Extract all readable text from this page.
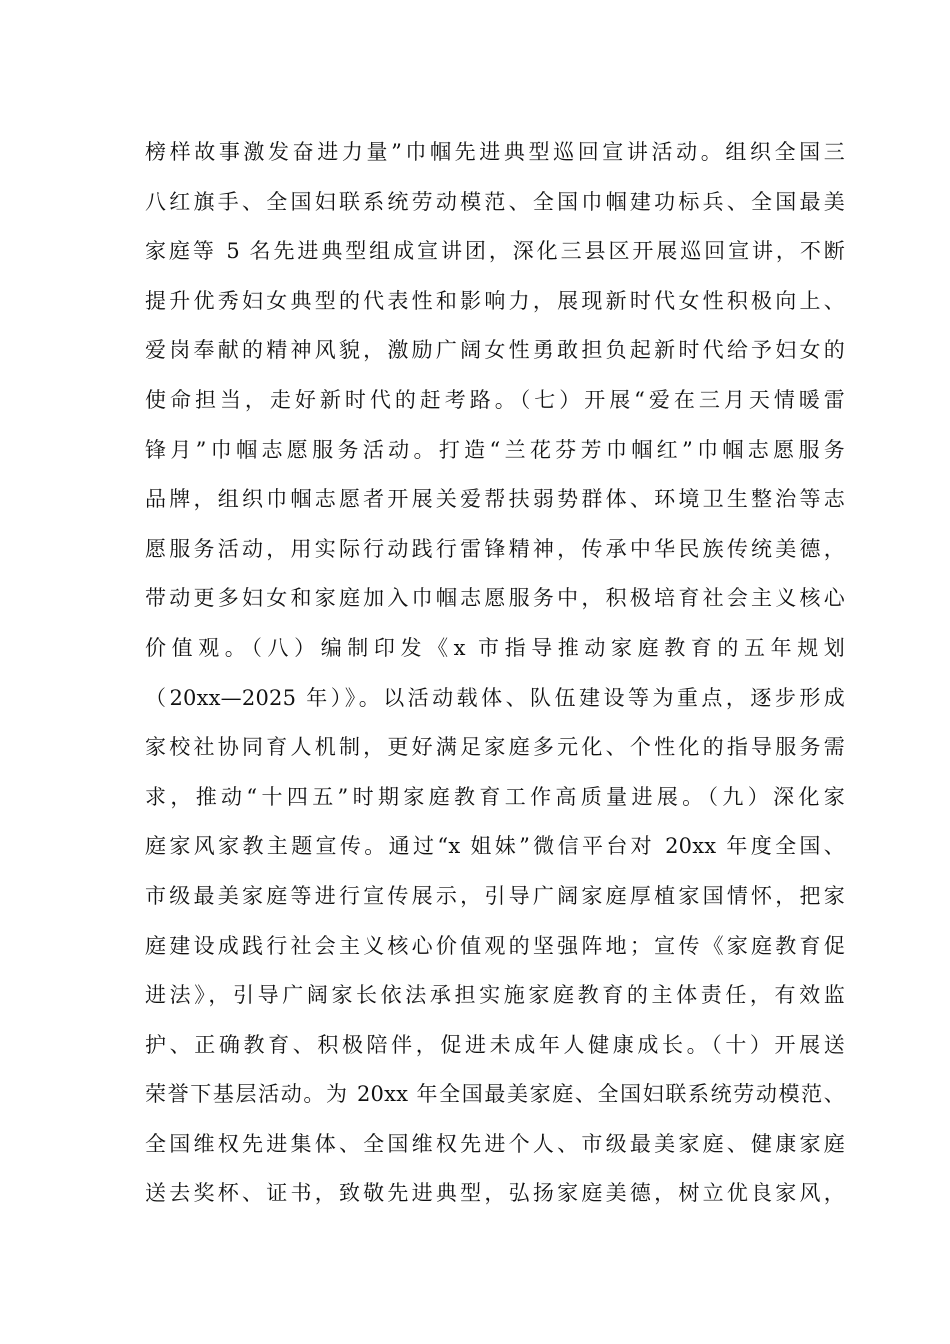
榜样故事激发奋进力量”巾帼先进典型巡回宣讲活动。组织全国三
八红旗手、全国妇联系统劳动模范、全国巾帼建功标兵、全国最美
家庭等 5 名先进典型组成宣讲团，深化三县区开展巡回宣讲，不断
提升优秀妇女典型的代表性和影响力，展现新时代女性积极向上、
爱岗奉献的精神风貌，激励广阔女性勇敢担负起新时代给予妇女的
使命担当，走好新时代的赶考路。（七）开展“爱在三月天情暖雷
锋月”巾帼志愿服务活动。打造“兰花芬芳巾帼红”巾帼志愿服务
品牌，组织巾帼志愿者开展关爱帮扶弱势群体、环境卫生整治等志
愿服务活动，用实际行动践行雷锋精神，传承中华民族传统美德，
带动更多妇女和家庭加入巾帼志愿服务中，积极培育社会主义核心
价值观。（八）编制印发《x 市指导推动家庭教育的五年规划
（20xx—2025 年）》。以活动载体、队伍建设等为重点，逐步形成
家校社协同育人机制，更好满足家庭多元化、个性化的指导服务需
求，推动“十四五”时期家庭教育工作高质量进展。（九）深化家
庭家风家教主题宣传。通过“x 姐妹”微信平台对 20xx 年度全国、
市级最美家庭等进行宣传展示，引导广阔家庭厚植家国情怀，把家
庭建设成践行社会主义核心价值观的坚强阵地；宣传《家庭教育促
进法》，引导广阔家长依法承担实施家庭教育的主体责任，有效监
护、正确教育、积极陪伴，促进未成年人健康成长。（十）开展送
荣誉下基层活动。为 20xx 年全国最美家庭、全国妇联系统劳动模范、
全国维权先进集体、全国维权先进个人、市级最美家庭、健康家庭
送去奖杯、证书，致敬先进典型，弘扬家庭美德，树立优良家风，
